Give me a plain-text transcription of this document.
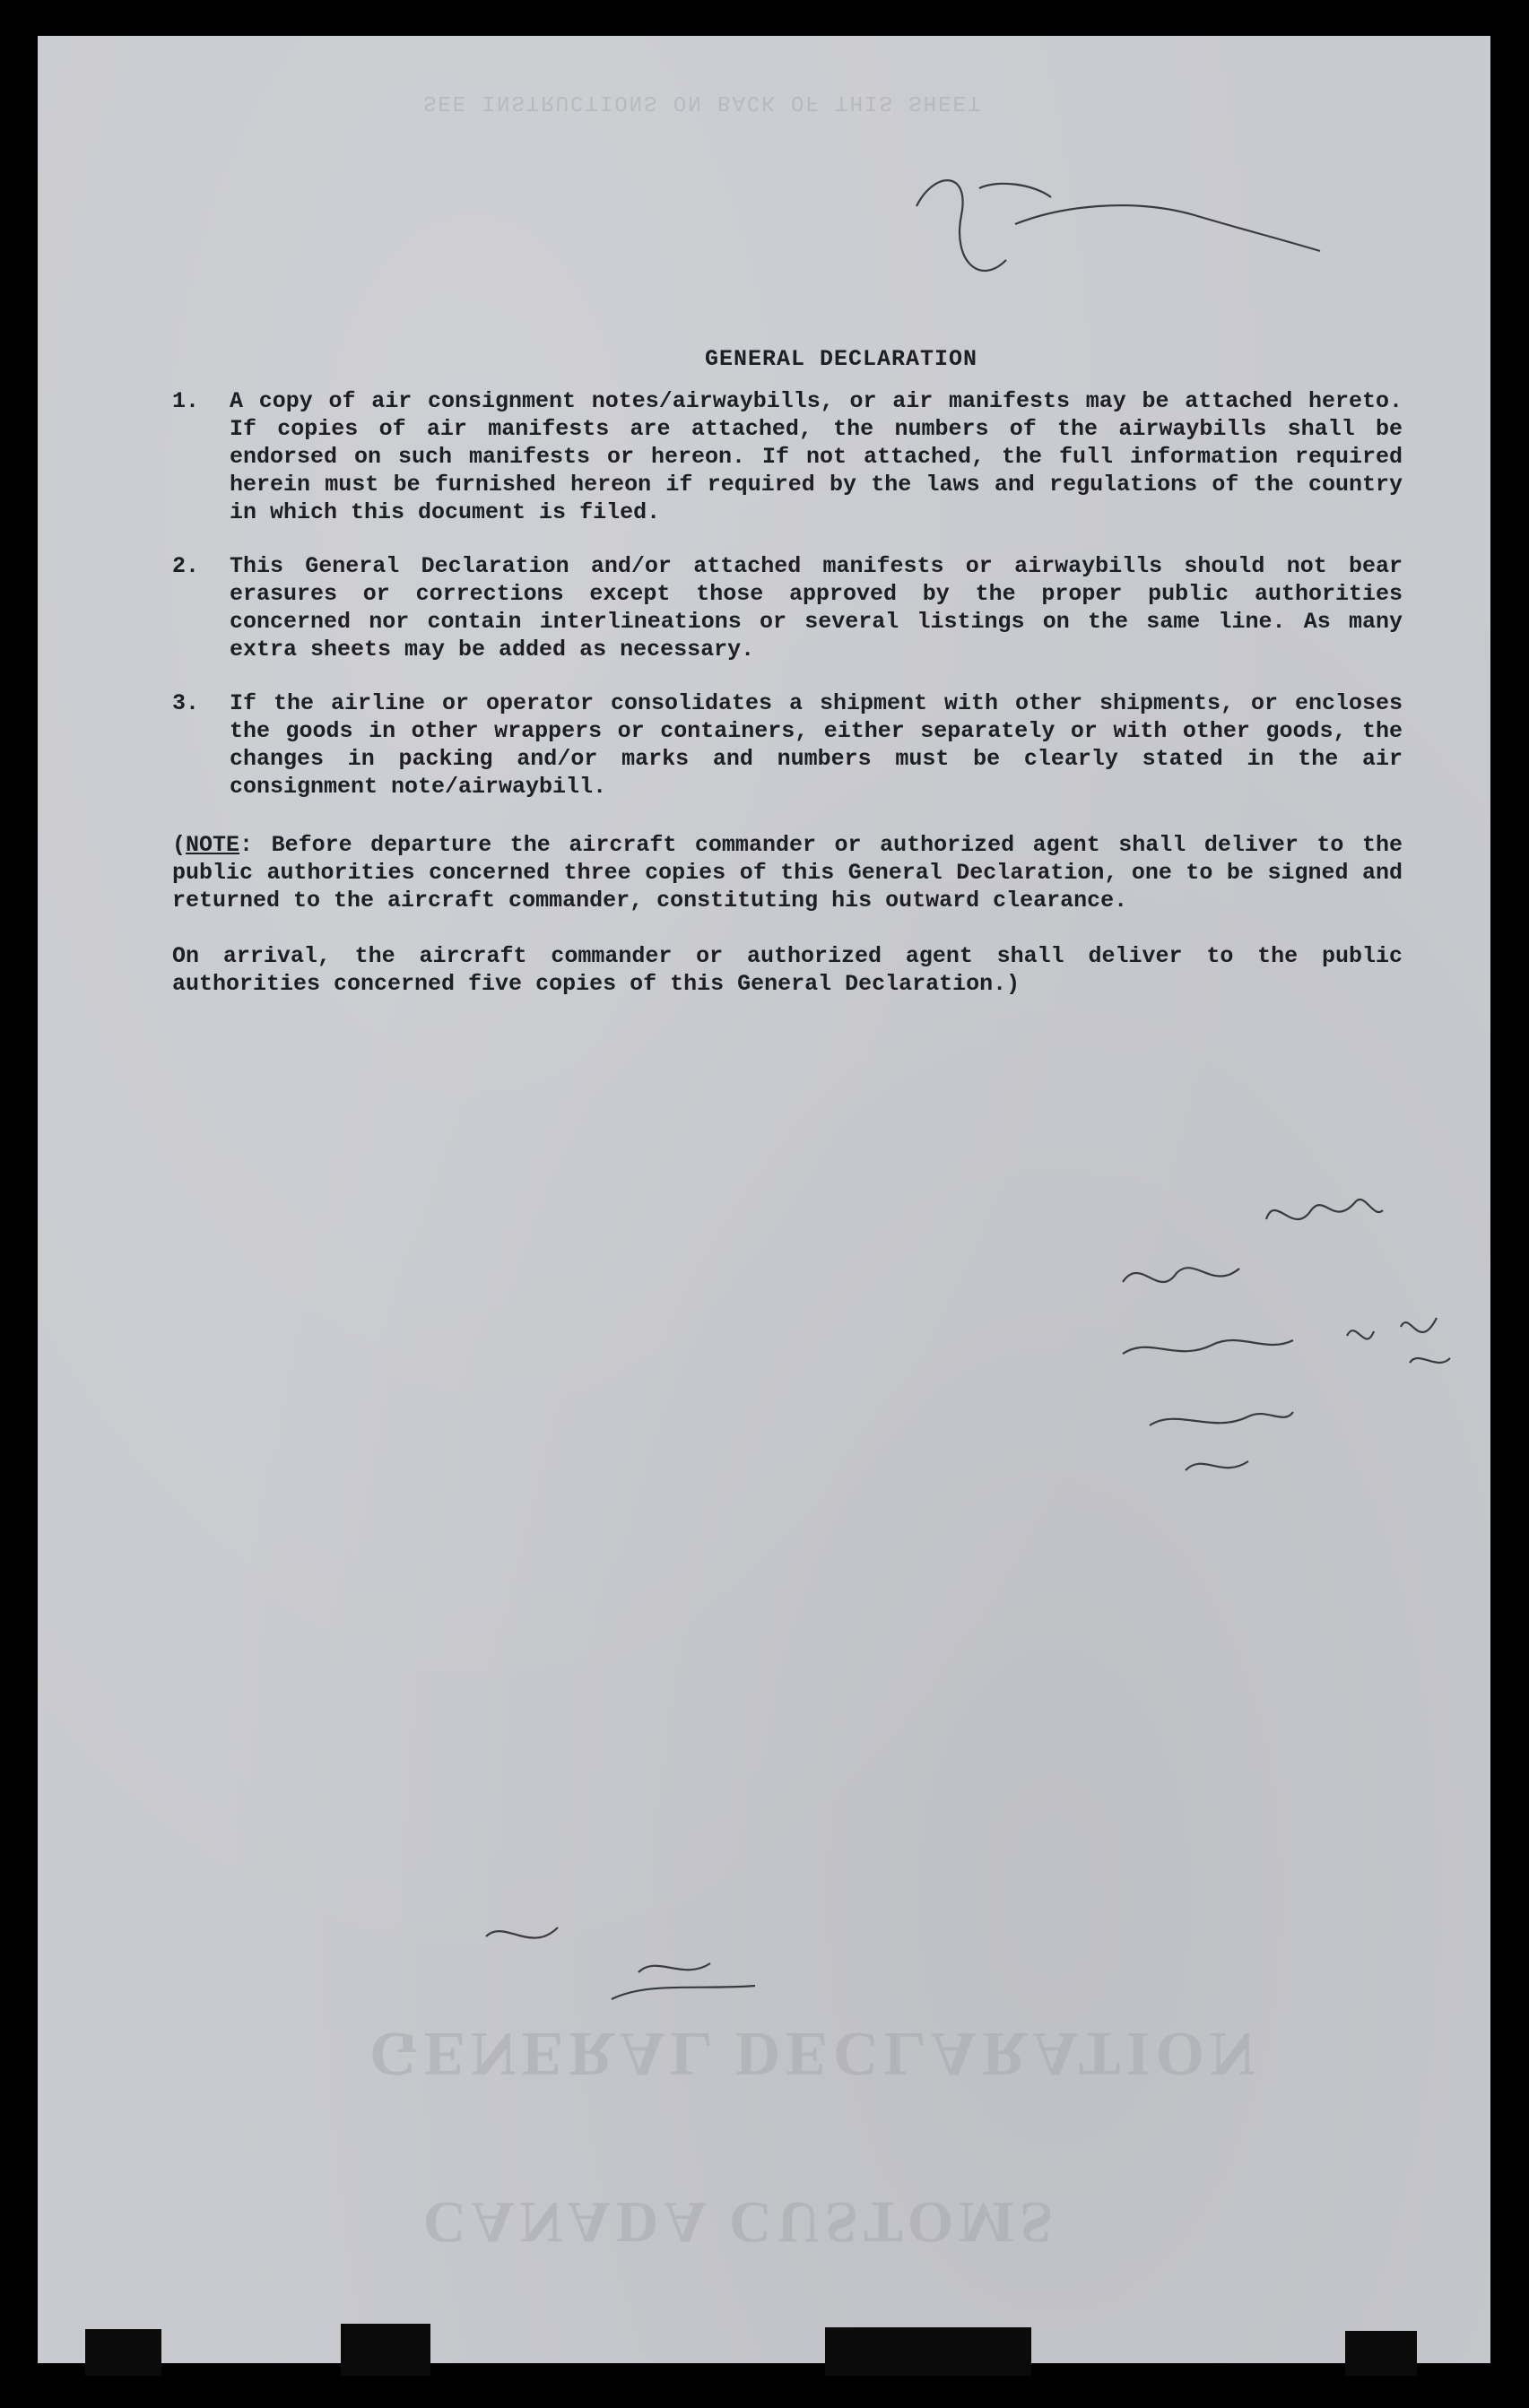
SEE INSTRUCTIONS ON BACK OF THIS SHEET
GENERAL DECLARATION
CANADA CUSTOMS
GENERAL DECLARATION
1.	A copy of air consignment notes/airwaybills, or air manifests may be attached hereto. If copies of air manifests are attached, the numbers of the airwaybills shall be endorsed on such manifests or hereon. If not attached, the full information required herein must be furnished hereon if required by the laws and regulations of the country in which this document is filed.
2.	This General Declaration and/or attached manifests or airwaybills should not bear erasures or corrections except those approved by the proper public authorities concerned nor contain interlineations or several listings on the same line. As many extra sheets may be added as necessary.
3.	If the airline or operator consolidates a shipment with other shipments, or encloses the goods in other wrappers or containers, either separately or with other goods, the changes in packing and/or marks and numbers must be clearly stated in the air consignment note/airwaybill.
(NOTE: Before departure the aircraft commander or authorized agent shall deliver to the public authorities concerned three copies of this General Declaration, one to be signed and returned to the aircraft commander, constituting his outward clearance.
On arrival, the aircraft commander or authorized agent shall deliver to the public authorities concerned five copies of this General Declaration.)
